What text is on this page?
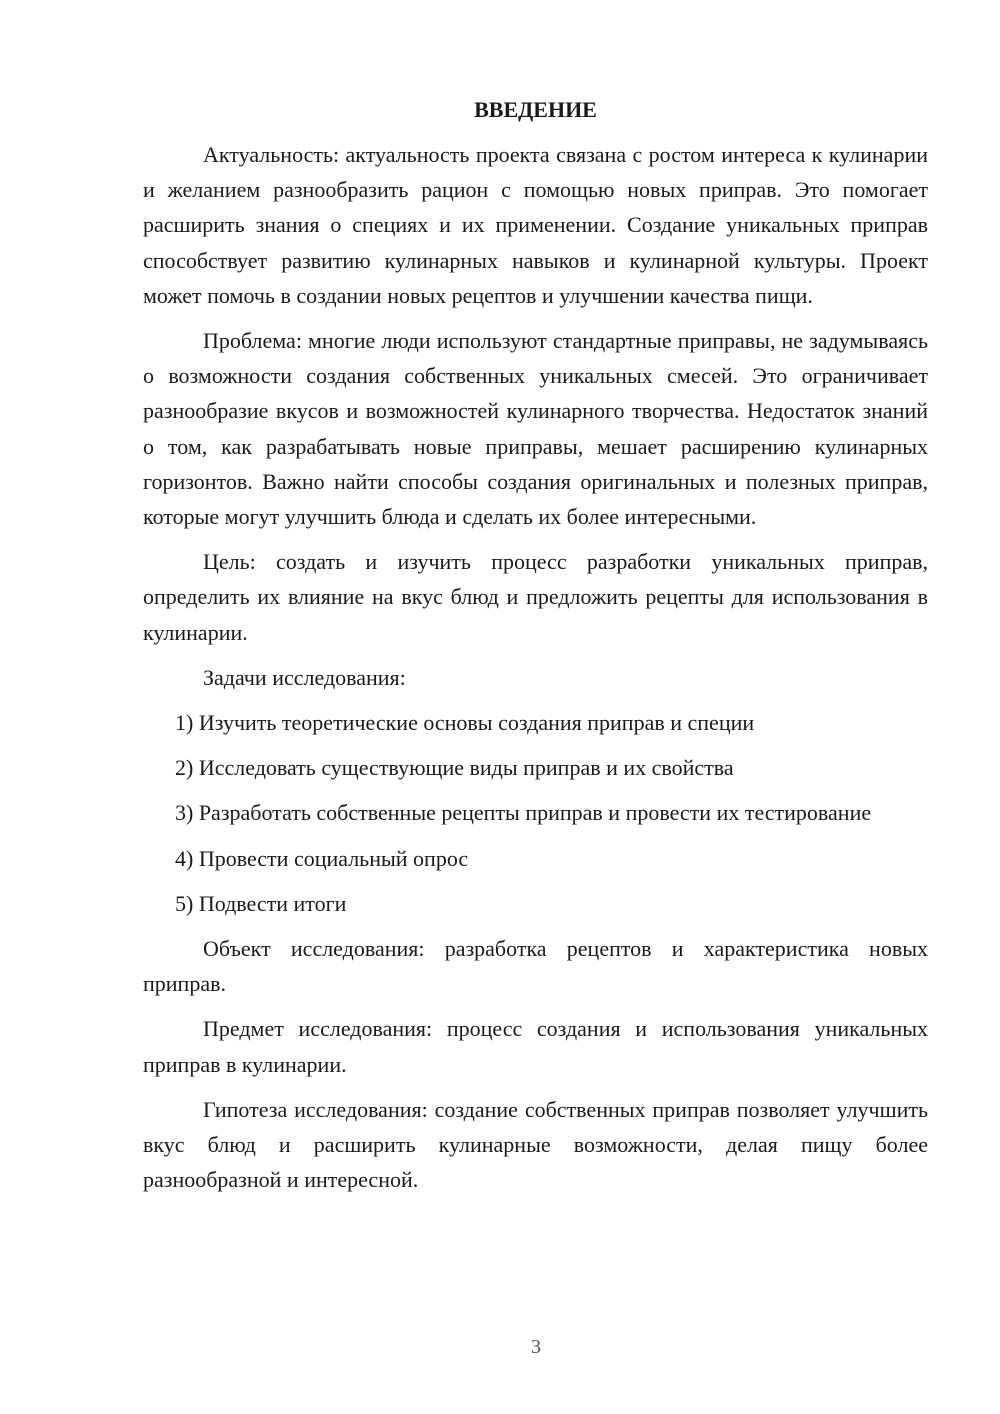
ВВЕДЕНИЕ

Актуальность: актуальность проекта связана с ростом интереса к кулинарии и желанием разнообразить рацион с помощью новых приправ. Это помогает расширить знания о специях и их применении. Создание уникальных приправ способствует развитию кулинарных навыков и кулинарной культуры. Проект может помочь в создании новых рецептов и улучшении качества пищи.

Проблема: многие люди используют стандартные приправы, не задумываясь о возможности создания собственных уникальных смесей. Это ограничивает разнообразие вкусов и возможностей кулинарного творчества. Недостаток знаний о том, как разрабатывать новые приправы, мешает расширению кулинарных горизонтов. Важно найти способы создания оригинальных и полезных приправ, которые могут улучшить блюда и сделать их более интересными.

Цель: создать и изучить процесс разработки уникальных приправ, определить их влияние на вкус блюд и предложить рецепты для использования в кулинарии.

Задачи исследования:

1) Изучить теоретические основы создания приправ и специи

2) Исследовать существующие виды приправ и их свойства

3) Разработать собственные рецепты приправ и провести их тестирование

4) Провести социальный опрос

5) Подвести итоги

Объект исследования: разработка рецептов и характеристика новых приправ.

Предмет исследования: процесс создания и использования уникальных приправ в кулинарии.

Гипотеза исследования: создание собственных приправ позволяет улучшить вкус блюд и расширить кулинарные возможности, делая пищу более разнообразной и интересной.

3
